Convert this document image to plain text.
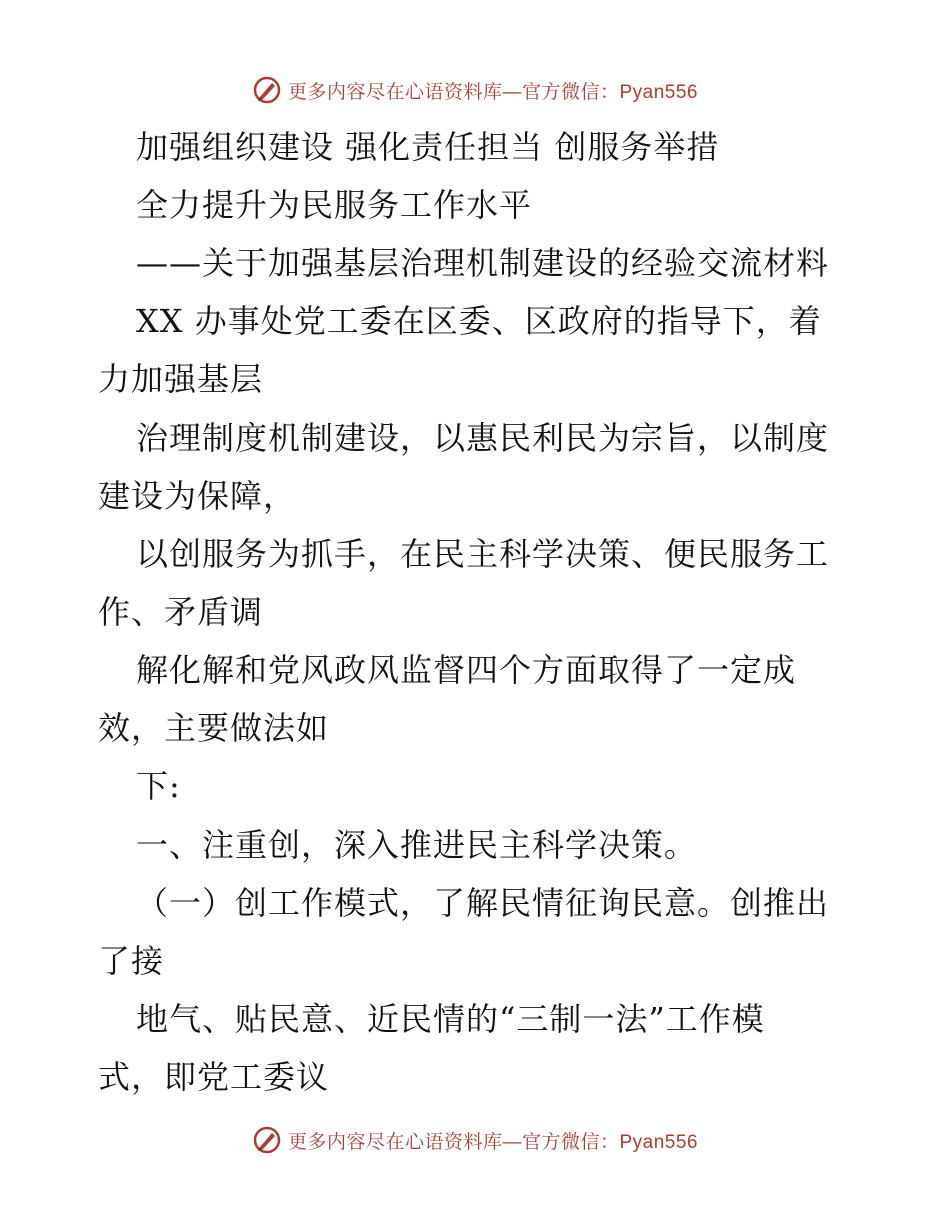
更多内容尽在心语资料库—官方微信：Pyan556
加强组织建设 强化责任担当 创服务举措
全力提升为民服务工作水平
——关于加强基层治理机制建设的经验交流材料
XX 办事处党工委在区委、区政府的指导下，着
力加强基层
治理制度机制建设，以惠民利民为宗旨，以制度
建设为保障，
以创服务为抓手，在民主科学决策、便民服务工
作、矛盾调
解化解和党风政风监督四个方面取得了一定成
效，主要做法如
下:
一、注重创，深入推进民主科学决策。
（一）创工作模式，了解民情征询民意。创推出
了接
地气、贴民意、近民情的“三制一法”工作模
式，即党工委议
更多内容尽在心语资料库—官方微信：Pyan556
